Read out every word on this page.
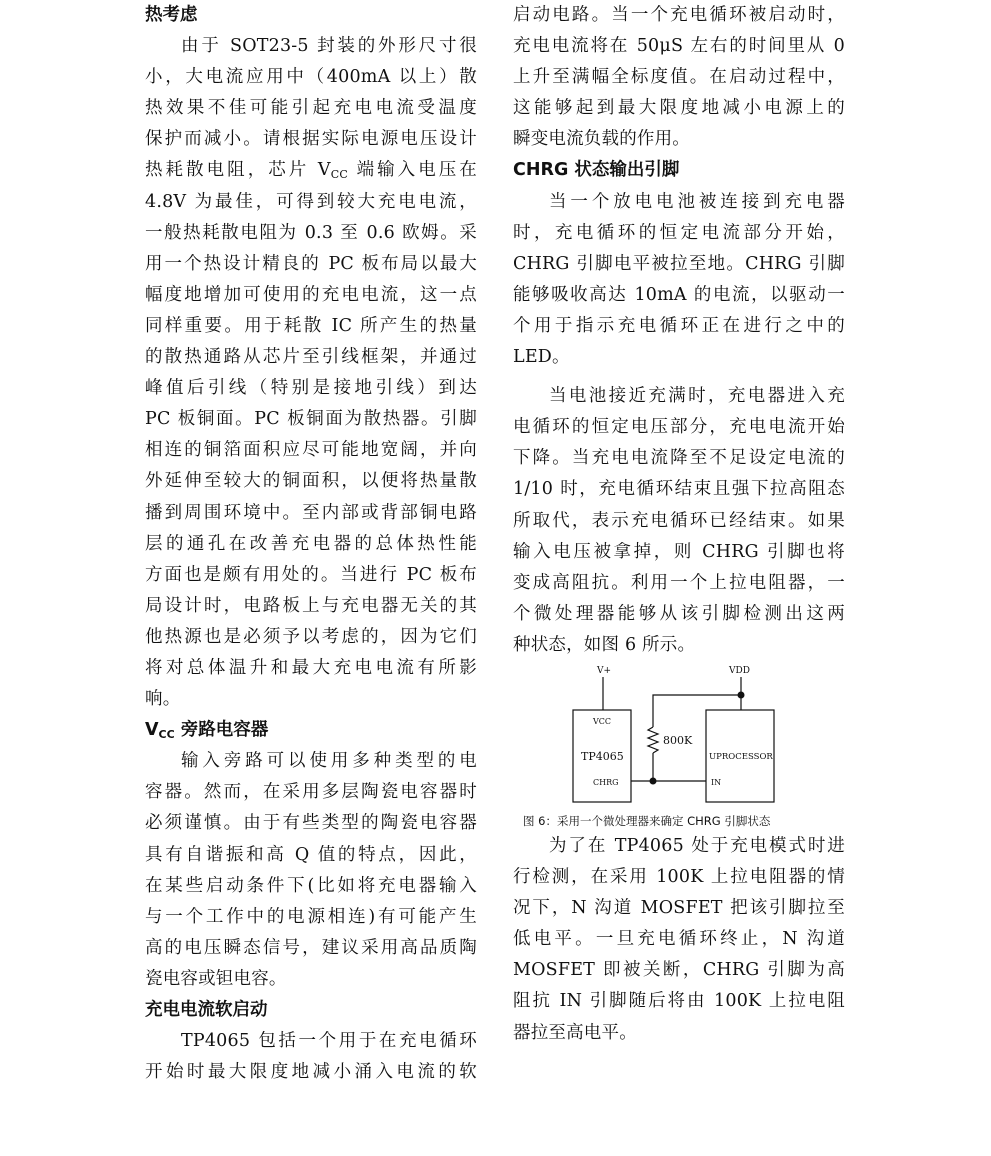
热考虑
由于 SOT23-5 封装的外形尺寸很
小，大电流应用中（400mA 以上）散
热效果不佳可能引起充电电流受温度
保护而减小。请根据实际电源电压设计
热耗散电阻，芯片 $V_{CC}$ 端输入电压在
4.8V 为最佳，可得到较大充电电流，
一般热耗散电阻为 0.3 至 0.6 欧姆。采
用一个热设计精良的 PC 板布局以最大
幅度地增加可使用的充电电流，这一点
同样重要。用于耗散 IC 所产生的热量
的散热通路从芯片至引线框架，并通过
峰值后引线（特别是接地引线）到达
PC 板铜面。PC 板铜面为散热器。引脚
相连的铜箔面积应尽可能地宽阔，并向
外延伸至较大的铜面积，以便将热量散
播到周围环境中。至内部或背部铜电路
层的通孔在改善充电器的总体热性能
方面也是颇有用处的。当进行 PC 板布
局设计时，电路板上与充电器无关的其
他热源也是必须予以考虑的，因为它们
将对总体温升和最大充电电流有所影
响。
$V_{CC}$ 旁路电容器
输入旁路可以使用多种类型的电
容器。然而，在采用多层陶瓷电容器时
必须谨慎。由于有些类型的陶瓷电容器
具有自谐振和高 Q 值的特点，因此，
在某些启动条件下(比如将充电器输入
与一个工作中的电源相连)有可能产生
高的电压瞬态信号，建议采用高品质陶
瓷电容或钽电容。
充电电流软启动
TP4065 包括一个用于在充电循环
开始时最大限度地减小涌入电流的软
启动电路。当一个充电循环被启动时，
充电电流将在 50μS 左右的时间里从 0
上升至满幅全标度值。在启动过程中，
这能够起到最大限度地减小电源上的
瞬变电流负载的作用。
CHRG 状态输出引脚
当一个放电电池被连接到充电器
时，充电循环的恒定电流部分开始，
CHRG 引脚电平被拉至地。CHRG 引脚
能够吸收高达 10mA 的电流，以驱动一
个用于指示充电循环正在进行之中的
LED。
当电池接近充满时，充电器进入充
电循环的恒定电压部分，充电电流开始
下降。当充电电流降至不足设定电流的
1/10 时，充电循环结束且强下拉高阻态
所取代，表示充电循环已经结束。如果
输入电压被拿掉，则 CHRG 引脚也将
变成高阻抗。利用一个上拉电阻器，一
个微处理器能够从该引脚检测出这两
种状态，如图 6 所示。
V+	VDD
VCC
TP4065
CHRG
800K
UPROCESSOR
IN
图 6：采用一个微处理器来确定 CHRG 引脚状态
为了在 TP4065 处于充电模式时进
行检测，在采用 100K 上拉电阻器的情
况下，N 沟道 MOSFET 把该引脚拉至
低电平。一旦充电循环终止，N 沟道
MOSFET 即被关断，CHRG 引脚为高
阻抗 IN 引脚随后将由 100K 上拉电阻
器拉至高电平。
